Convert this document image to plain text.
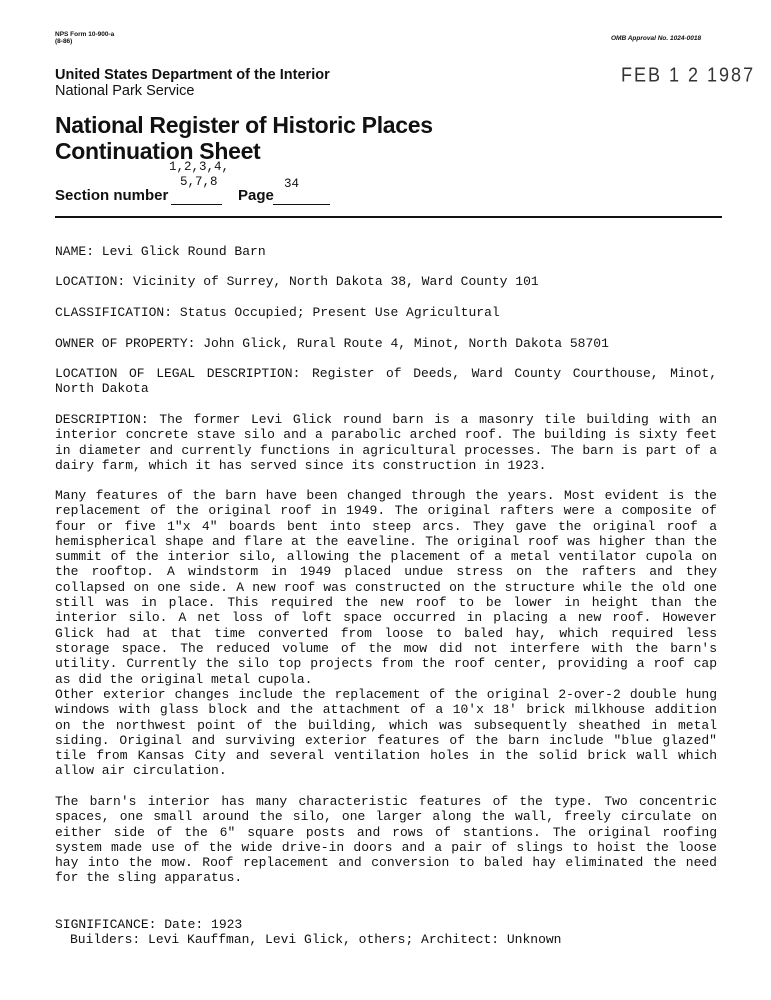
NPS Form 10-900-a
(8-86)	OMB Approval No. 1024-0018
FEB 1 2 1987
United States Department of the Interior
National Park Service
National Register of Historic Places
Continuation Sheet
1,2,3,4,
5,7,8
Section number	Page
34
NAME: Levi Glick Round Barn
LOCATION: Vicinity of Surrey, North Dakota 38, Ward County 101
CLASSIFICATION: Status Occupied; Present Use Agricultural
OWNER OF PROPERTY: John Glick, Rural Route 4, Minot, North Dakota 58701
LOCATION OF LEGAL DESCRIPTION: Register of Deeds, Ward County Courthouse, Minot, North Dakota
DESCRIPTION: The former Levi Glick round barn is a masonry tile building with an interior concrete stave silo and a parabolic arched roof. The building is sixty feet in diameter and currently functions in agricultural processes. The barn is part of a dairy farm, which it has served since its construction in 1923.
Many features of the barn have been changed through the years. Most evident is the replacement of the original roof in 1949. The original rafters were a composite of four or five 1"x 4" boards bent into steep arcs. They gave the original roof a hemispherical shape and flare at the eaveline. The original roof was higher than the summit of the interior silo, allowing the placement of a metal ventilator cupola on the rooftop. A windstorm in 1949 placed undue stress on the rafters and they collapsed on one side. A new roof was constructed on the structure while the old one still was in place. This required the new roof to be lower in height than the interior silo. A net loss of loft space occurred in placing a new roof. However Glick had at that time converted from loose to baled hay, which required less storage space. The reduced volume of the mow did not interfere with the barn's utility. Currently the silo top projects from the roof center, providing a roof cap as did the original metal cupola.
Other exterior changes include the replacement of the original 2-over-2 double hung windows with glass block and the attachment of a 10'x 18' brick milkhouse addition on the northwest point of the building, which was subsequently sheathed in metal siding. Original and surviving exterior features of the barn include "blue glazed" tile from Kansas City and several ventilation holes in the solid brick wall which allow air circulation.
The barn's interior has many characteristic features of the type. Two concentric spaces, one small around the silo, one larger along the wall, freely circulate on either side of the 6" square posts and rows of stantions. The original roofing system made use of the wide drive-in doors and a pair of slings to hoist the loose hay into the mow. Roof replacement and conversion to baled hay eliminated the need for the sling apparatus.
SIGNIFICANCE: Date: 1923
Builders: Levi Kauffman, Levi Glick, others; Architect: Unknown
